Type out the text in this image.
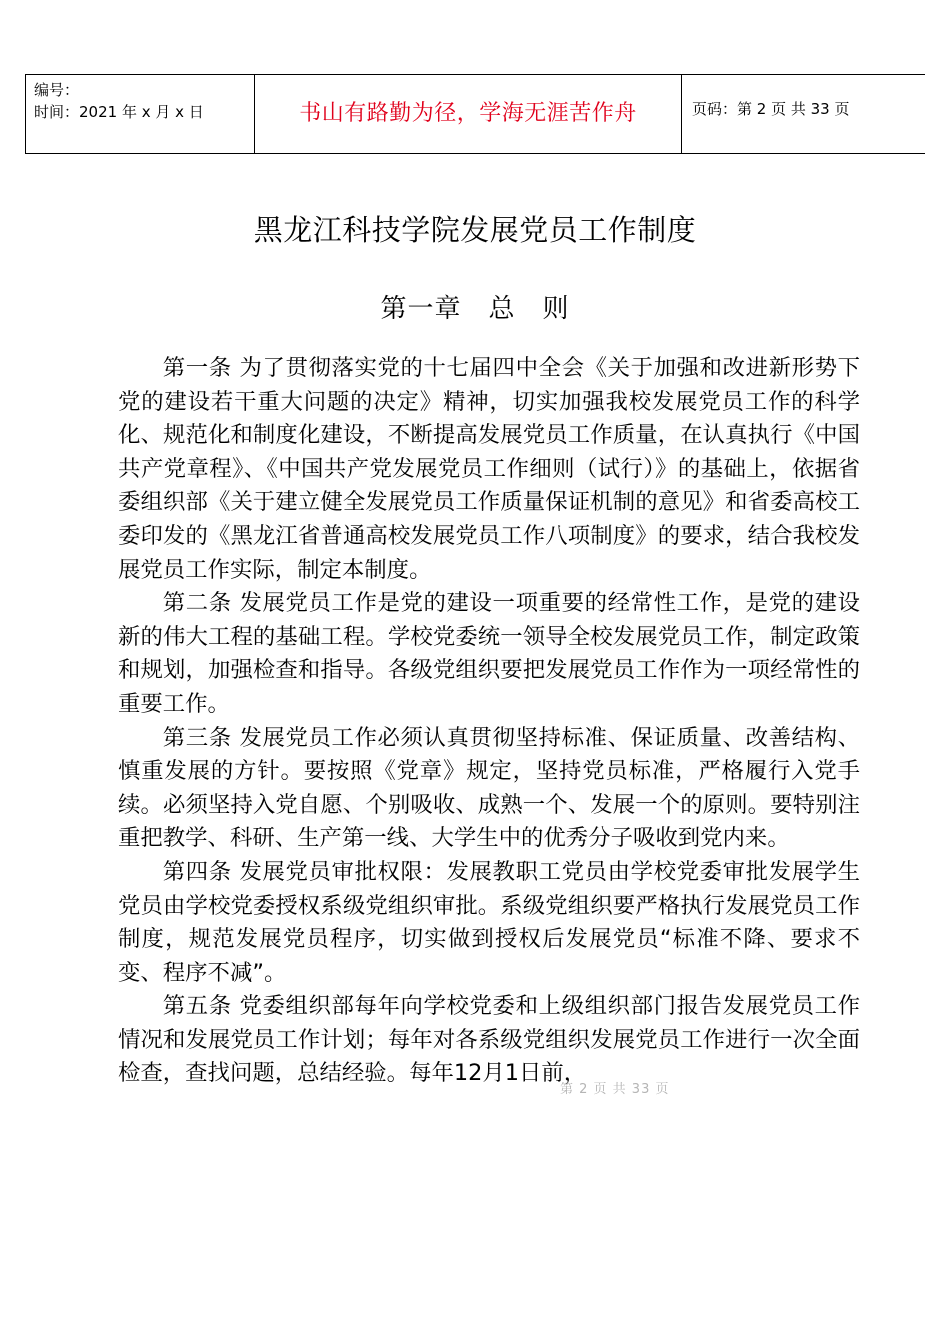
编号：
时间：2021 年 x 月 x 日	书山有路勤为径，学海无涯苦作舟	页码：第 2 页 共 33 页
黑龙江科技学院发展党员工作制度
第一章　总　则

第一条 为了贯彻落实党的十七届四中全会《关于加强和改进新形势下党的建设若干重大问题的决定》精神，切实加强我校发展党员工作的科学化、规范化和制度化建设，不断提高发展党员工作质量，在认真执行《中国共产党章程》、《中国共产党发展党员工作细则（试行）》的基础上，依据省委组织部《关于建立健全发展党员工作质量保证机制的意见》和省委高校工委印发的《黑龙江省普通高校发展党员工作八项制度》的要求，结合我校发展党员工作实际，制定本制度。

第二条 发展党员工作是党的建设一项重要的经常性工作，是党的建设新的伟大工程的基础工程。学校党委统一领导全校发展党员工作，制定政策和规划，加强检查和指导。各级党组织要把发展党员工作作为一项经常性的重要工作。

第三条 发展党员工作必须认真贯彻坚持标准、保证质量、改善结构、慎重发展的方针。要按照《党章》规定，坚持党员标准，严格履行入党手续。必须坚持入党自愿、个别吸收、成熟一个、发展一个的原则。要特别注重把教学、科研、生产第一线、大学生中的优秀分子吸收到党内来。

第四条 发展党员审批权限：发展教职工党员由学校党委审批发展学生党员由学校党委授权系级党组织审批。系级党组织要严格执行发展党员工作制度，规范发展党员程序，切实做到授权后发展党员“标准不降、要求不变、程序不减”。

第五条 党委组织部每年向学校党委和上级组织部门报告发展党员工作情况和发展党员工作计划；每年对各系级党组织发展党员工作进行一次全面检查，查找问题，总结经验。每年12月1日前，

第 2 页 共 33 页
